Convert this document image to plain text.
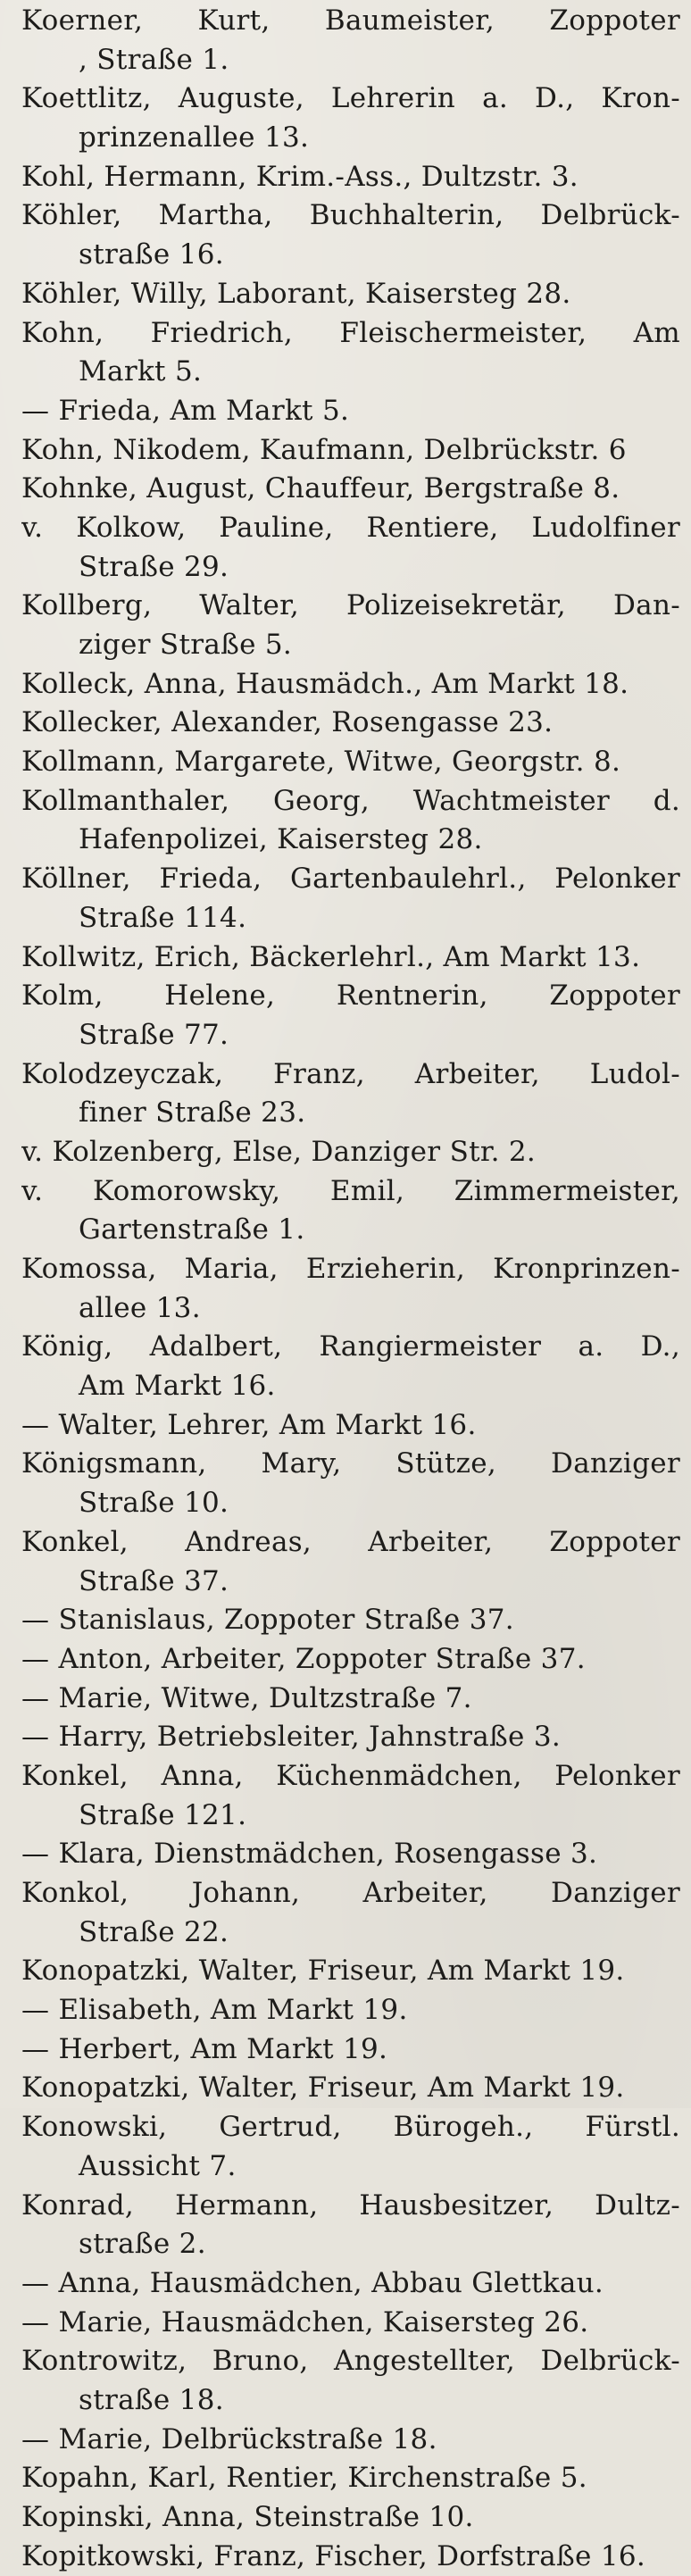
Koerner, Kurt, Baumeister, Zoppoter
, Straße 1.
Koettlitz, Auguste, Lehrerin a. D., Kron-
prinzenallee 13.
Kohl, Hermann, Krim.-Ass., Dultzstr. 3.
Köhler, Martha, Buchhalterin, Delbrück-
straße 16.
Köhler, Willy, Laborant, Kaisersteg 28.
Kohn, Friedrich, Fleischermeister, Am
Markt 5.
— Frieda, Am Markt 5.
Kohn, Nikodem, Kaufmann, Delbrückstr. 6
Kohnke, August, Chauffeur, Bergstraße 8.
v. Kolkow, Pauline, Rentiere, Ludolfiner
Straße 29.
Kollberg, Walter, Polizeisekretär, Dan-
ziger Straße 5.
Kolleck, Anna, Hausmädch., Am Markt 18.
Kollecker, Alexander, Rosengasse 23.
Kollmann, Margarete, Witwe, Georgstr. 8.
Kollmanthaler, Georg, Wachtmeister d.
Hafenpolizei, Kaisersteg 28.
Köllner, Frieda, Gartenbaulehrl., Pelonker
Straße 114.
Kollwitz, Erich, Bäckerlehrl., Am Markt 13.
Kolm, Helene, Rentnerin, Zoppoter
Straße 77.
Kolodzeyczak, Franz, Arbeiter, Ludol-
finer Straße 23.
v. Kolzenberg, Else, Danziger Str. 2.
v. Komorowsky, Emil, Zimmermeister,
Gartenstraße 1.
Komossa, Maria, Erzieherin, Kronprinzen-
allee 13.
König, Adalbert, Rangiermeister a. D.,
Am Markt 16.
— Walter, Lehrer, Am Markt 16.
Königsmann, Mary, Stütze, Danziger
Straße 10.
Konkel, Andreas, Arbeiter, Zoppoter
Straße 37.
— Stanislaus, Zoppoter Straße 37.
— Anton, Arbeiter, Zoppoter Straße 37.
— Marie, Witwe, Dultzstraße 7.
— Harry, Betriebsleiter, Jahnstraße 3.
Konkel, Anna, Küchenmädchen, Pelonker
Straße 121.
— Klara, Dienstmädchen, Rosengasse 3.
Konkol, Johann, Arbeiter, Danziger
Straße 22.
Konopatzki, Walter, Friseur, Am Markt 19.
— Elisabeth, Am Markt 19.
— Herbert, Am Markt 19.
Konopatzki, Walter, Friseur, Am Markt 19.
Konowski, Gertrud, Bürogeh., Fürstl.
Aussicht 7.
Konrad, Hermann, Hausbesitzer, Dultz-
straße 2.
— Anna, Hausmädchen, Abbau Glettkau.
— Marie, Hausmädchen, Kaisersteg 26.
Kontrowitz, Bruno, Angestellter, Delbrück-
straße 18.
— Marie, Delbrückstraße 18.
Kopahn, Karl, Rentier, Kirchenstraße 5.
Kopinski, Anna, Steinstraße 10.
Kopitkowski, Franz, Fischer, Dorfstraße 16.
